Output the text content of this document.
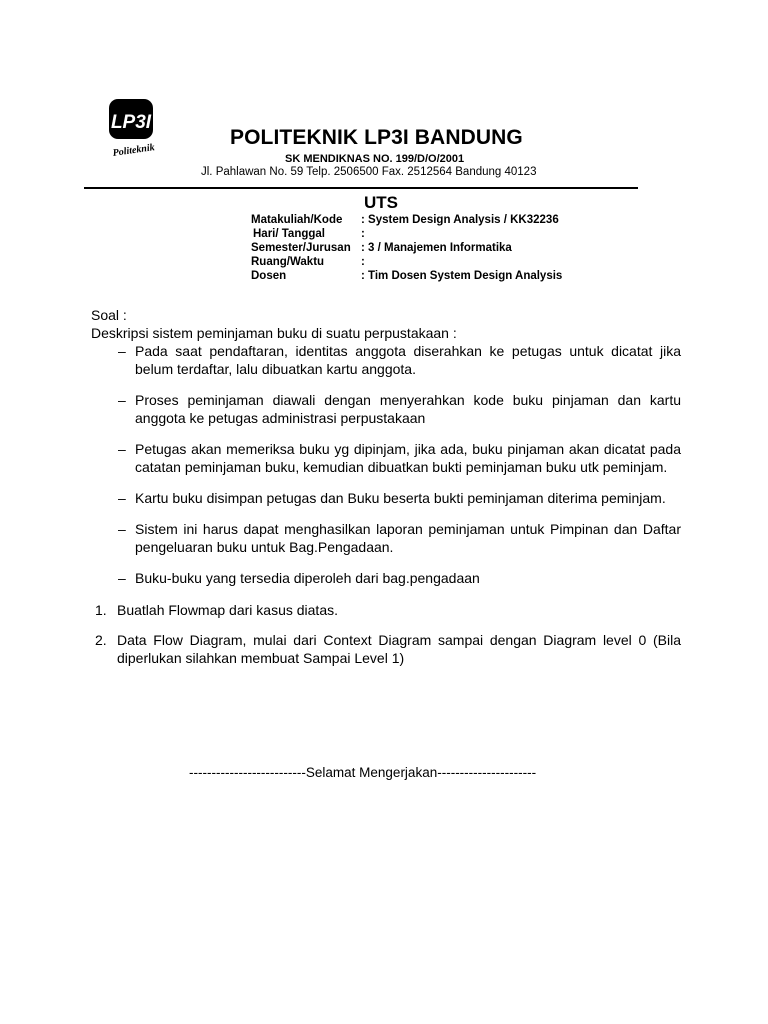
LP3I
Politeknik
POLITEKNIK LP3I BANDUNG
SK MENDIKNAS NO. 199/D/O/2001
Jl. Pahlawan No. 59 Telp. 2506500 Fax. 2512564 Bandung 40123
UTS
Matakuliah/Kode : System Design Analysis / KK32236
Hari/ Tanggal	:
Semester/Jurusan : 3 / Manajemen Informatika
Ruang/Waktu	:
Dosen	: Tim Dosen System Design Analysis
Soal :
Deskripsi sistem peminjaman buku di suatu perpustakaan :
– Pada saat pendaftaran, identitas anggota diserahkan ke petugas untuk dicatat jika belum terdaftar, lalu dibuatkan kartu anggota.
– Proses peminjaman diawali dengan menyerahkan kode buku pinjaman dan kartu anggota ke petugas administrasi perpustakaan
– Petugas akan memeriksa buku yg dipinjam, jika ada, buku pinjaman akan dicatat pada catatan peminjaman buku, kemudian dibuatkan bukti peminjaman buku utk peminjam.
– Kartu buku disimpan petugas dan Buku beserta bukti peminjaman diterima peminjam.
– Sistem ini harus dapat menghasilkan laporan peminjaman untuk Pimpinan dan Daftar pengeluaran buku untuk Bag.Pengadaan.
– Buku-buku yang tersedia diperoleh dari bag.pengadaan
1. Buatlah Flowmap dari kasus diatas.
2. Data Flow Diagram, mulai dari Context Diagram sampai dengan Diagram level 0 (Bila diperlukan silahkan membuat Sampai Level 1)
--------------------------Selamat Mengerjakan----------------------
